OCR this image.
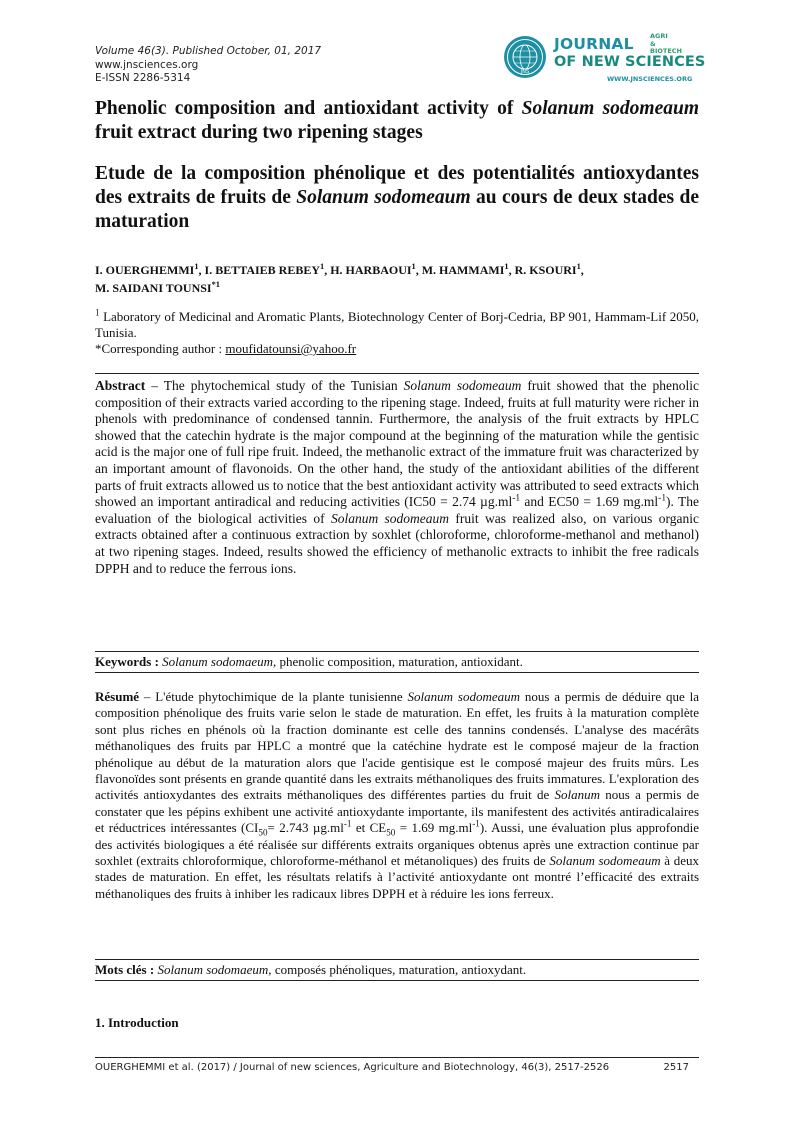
Volume 46(3). Published October, 01, 2017
www.jnsciences.org
E-ISSN 2286-5314	JNS
JOURNAL	AGRI
&
BIOTECH
OF NEW SCIENCES
WWW.JNSCIENCES.ORG
Phenolic composition and antioxidant activity of Solanum sodomeaum fruit extract during two ripening stages
Etude de la composition phénolique et des potentialités antioxydantes des extraits de fruits de Solanum sodomeaum au cours de deux stades de maturation

I. OUERGHEMMI$^1$, I. BETTAIEB REBEY$^1$, H. HARBAOUI$^1$, M. HAMMAMI$^1$, R. KSOURI$^1$,
M. SAIDANI TOUNSI$^{*1}$

$^1$ Laboratory of Medicinal and Aromatic Plants, Biotechnology Center of Borj-Cedria, BP 901, Hammam-Lif 2050, Tunisia.
*Corresponding author : moufidatounsi@yahoo.fr

Abstract – The phytochemical study of the Tunisian Solanum sodomeaum fruit showed that the phenolic composition of their extracts varied according to the ripening stage. Indeed, fruits at full maturity were richer in phenols with predominance of condensed tannin. Furthermore, the analysis of the fruit extracts by HPLC showed that the catechin hydrate is the major compound at the beginning of the maturation while the gentisic acid is the major one of full ripe fruit. Indeed, the methanolic extract of the immature fruit was characterized by an important amount of flavonoids. On the other hand, the study of the antioxidant abilities of the different parts of fruit extracts allowed us to notice that the best antioxidant activity was attributed to seed extracts which showed an important antiradical and reducing activities (IC50 = 2.74 $\mu g.ml^{-1}$ and EC50 = 1.69 $mg.ml^{-1}$). The evaluation of the biological activities of Solanum sodomeaum fruit was realized also, on various organic extracts obtained after a continuous extraction by soxhlet (chloroforme, chloroforme-methanol and methanol) at two ripening stages. Indeed, results showed the efficiency of methanolic extracts to inhibit the free radicals DPPH and to reduce the ferrous ions.

Keywords : Solanum sodomaeum, phenolic composition, maturation, antioxidant.

Résumé – L'étude phytochimique de la plante tunisienne Solanum sodomeaum nous a permis de déduire que la composition phénolique des fruits varie selon le stade de maturation. En effet, les fruits à la maturation complète sont plus riches en phénols où la fraction dominante est celle des tannins condensés. L'analyse des macérâts méthanoliques des fruits par HPLC a montré que la catéchine hydrate est le composé majeur de la fraction phénolique au début de la maturation alors que l'acide gentisique est le composé majeur des fruits mûrs. Les flavonoïdes sont présents en grande quantité dans les extraits méthanoliques des fruits immatures. L'exploration des activités antioxydantes des extraits méthanoliques des différentes parties du fruit de Solanum nous a permis de constater que les pépins exhibent une activité antioxydante importante, ils manifestent des activités antiradicalaires et réductrices intéressantes ($CI_{50}= 2.743$ $\mu g.ml^{-1}$ et $CE_{50} = 1.69$ $mg.ml^{-1}$). Aussi, une évaluation plus approfondie des activités biologiques a été réalisée sur différents extraits organiques obtenus après une extraction continue par soxhlet (extraits chloroformique, chloroforme-méthanol et métanoliques) des fruits de Solanum sodomeaum à deux stades de maturation. En effet, les résultats relatifs à l’activité antioxydante ont montré l’efficacité des extraits méthanoliques des fruits à inhiber les radicaux libres DPPH et à réduire les ions ferreux.

Mots clés : Solanum sodomaeum, composés phénoliques, maturation, antioxydant.

1. Introduction

OUERGHEMMI et al. (2017) / Journal of new sciences, Agriculture and Biotechnology, 46(3), 2517-2526	2517
